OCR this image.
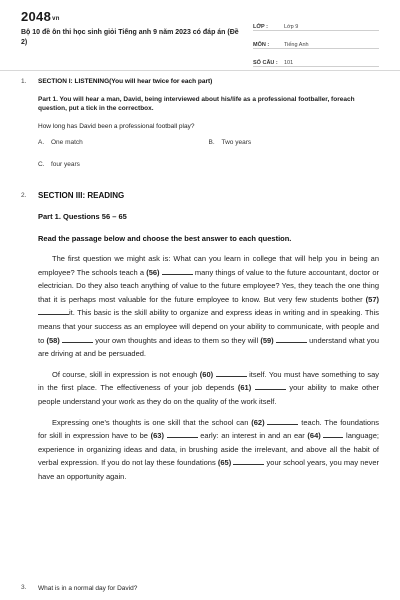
2048vn
Bộ 10 đề ôn thi học sinh giỏi Tiếng anh 9 năm 2023 có đáp án (Đề 2)
LỚP :	Lớp 9
MÔN :	Tiếng Anh
SỐ CÂU :	101
1. SECTION I: LISTENING(You will hear twice for each part)
Part 1. You will hear a man, David, being interviewed about his/life as a professional footballer, foreach question, put a tick in the correctbox.
How long has David been a professional football play?
A. One match	B. Two years
C. four years
2. SECTION III: READING
Part 1. Questions 56 – 65
Read the passage below and choose the best answer to each question.
The first question we might ask is: What can you learn in college that will help you in being an employee? The schools teach a (56)	many things of value to the future accountant, doctor or electrician. Do they also teach anything of value to the future employee? Yes, they teach the one thing that it is perhaps most valuable for the future employee to know. But very few students bother (57) it. This basic is the skill ability to organize and express ideas in writing and in speaking. This means that your success as an employee will depend on your ability to communicate, with people and to (58)	your own thoughts and ideas to them so they will (59)	understand what you are driving at and be persuaded.
Of course, skill in expression is not enough (60)	itself. You must have something to say in the first place. The effectiveness of your job depends (61)	your ability to make other people understand your work as they do on the quality of the work itself.
Expressing one's thoughts is one skill that the school can (62)	teach. The foundations for skill in expression have to be (63)	early: an interest in and an ear (64)	language; experience in organizing ideas and data, in brushing aside the irrelevant, and above all the habit of verbal expression. If you do not lay these foundations (65)	your school years, you may never have an opportunity again.
3. What is in a normal day for David?
